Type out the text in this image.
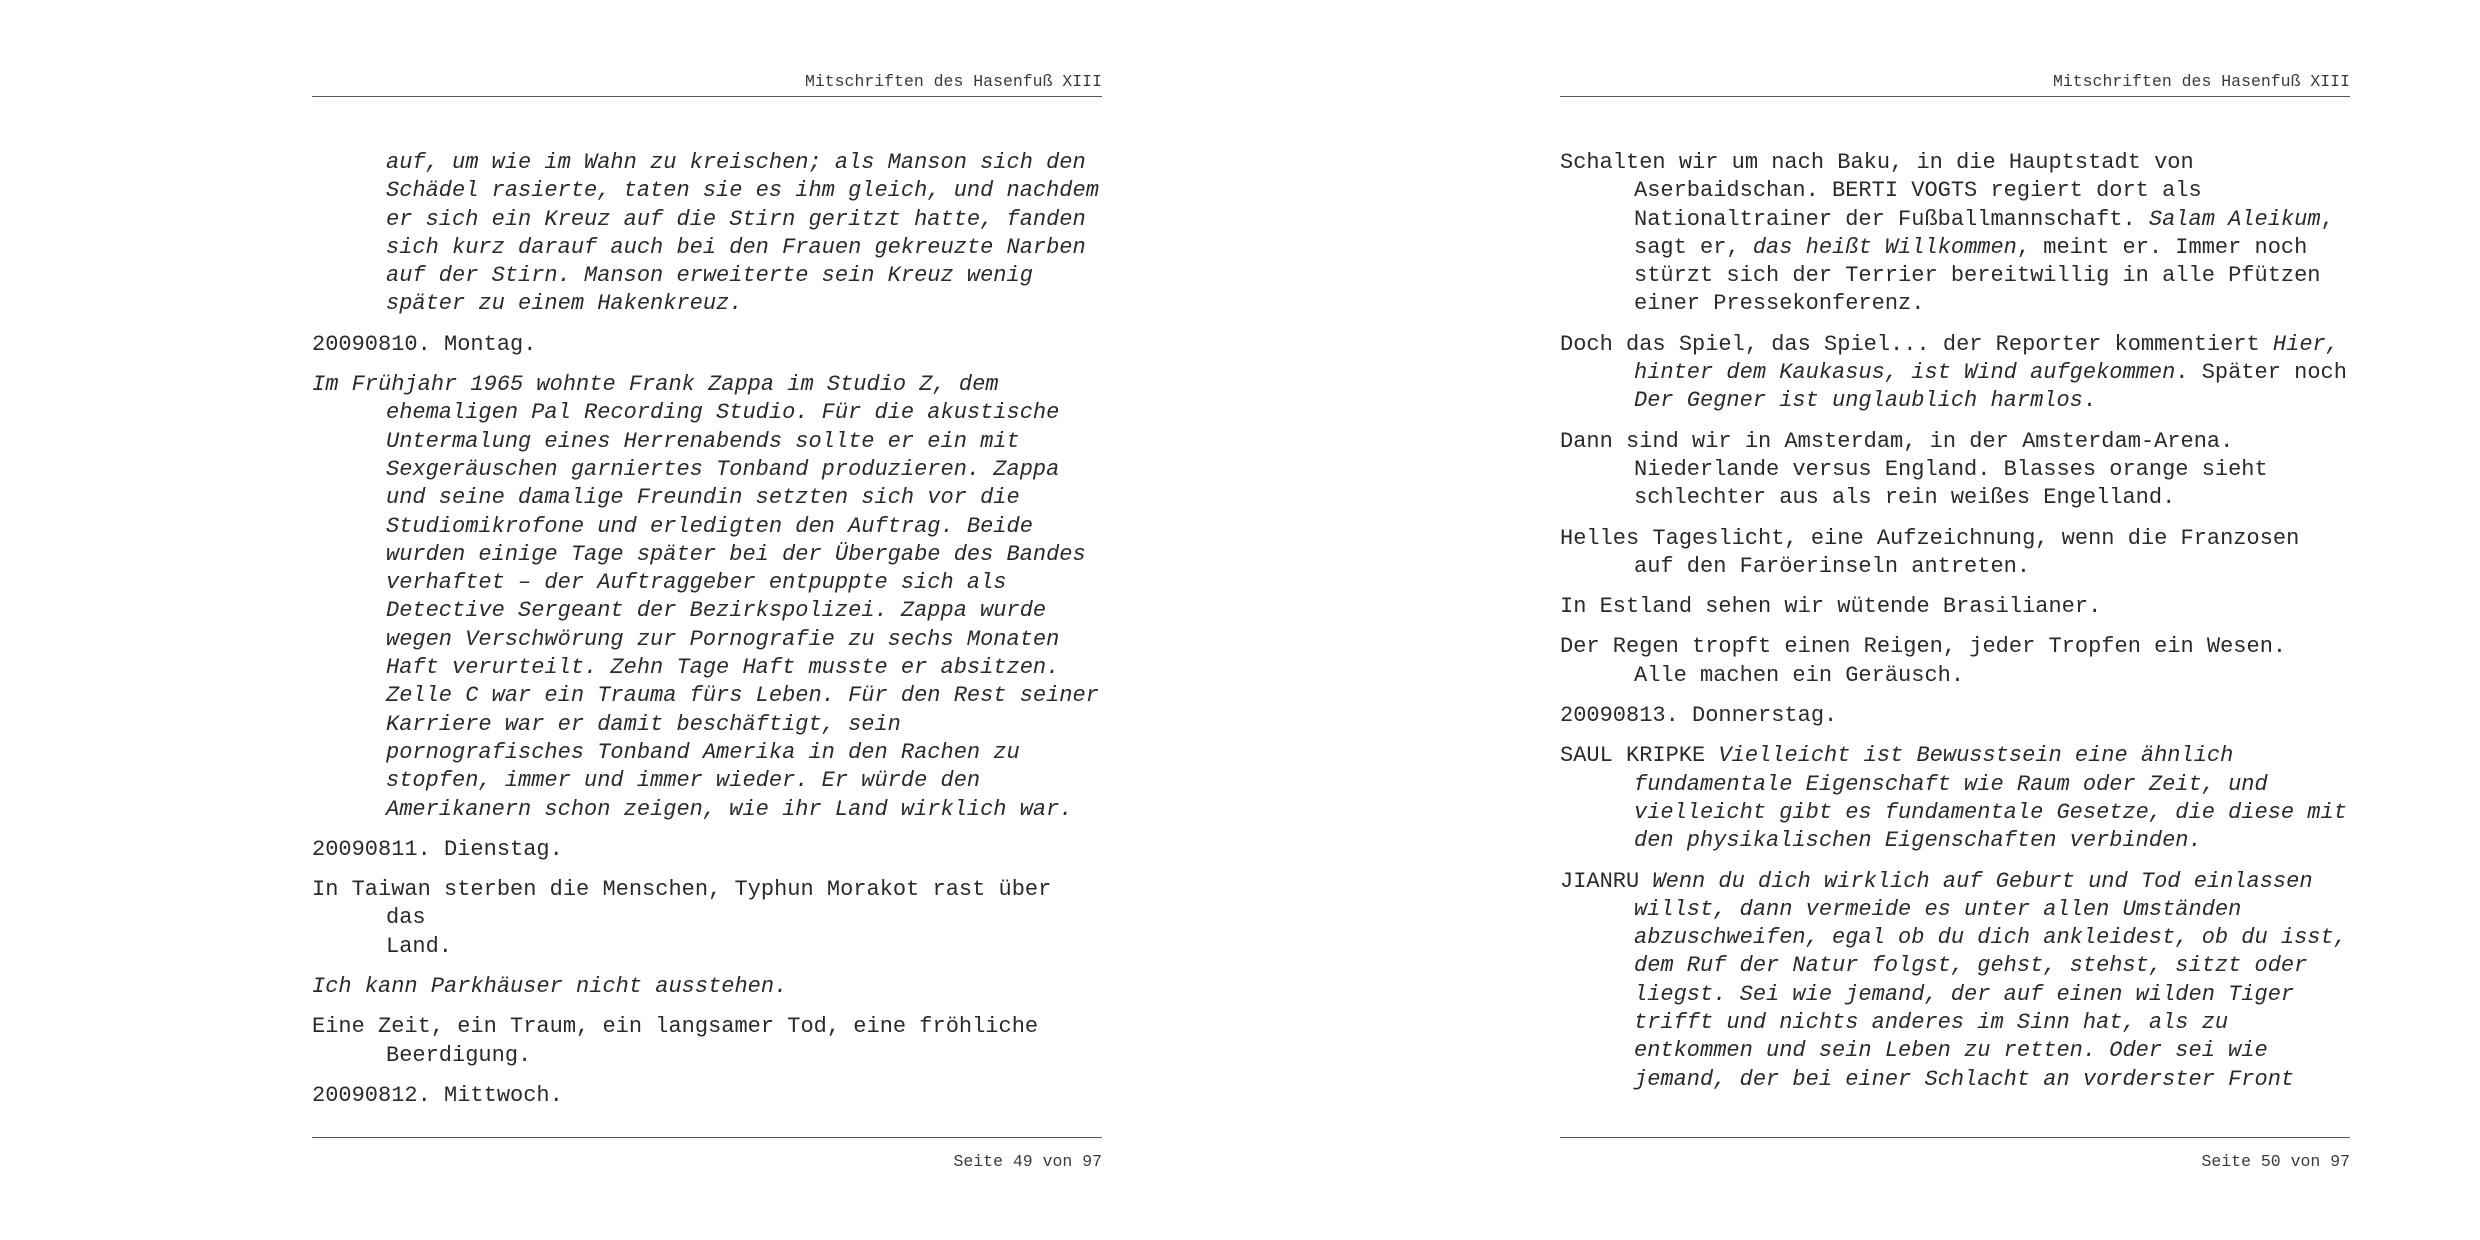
Mitschriften des Hasenfuß XIII

auf, um wie im Wahn zu kreischen; als Manson sich den
Schädel rasierte, taten sie es ihm gleich, und nachdem
er sich ein Kreuz auf die Stirn geritzt hatte, fanden
sich kurz darauf auch bei den Frauen gekreuzte Narben
auf der Stirn. Manson erweiterte sein Kreuz wenig
später zu einem Hakenkreuz.

20090810. Montag.

Im Frühjahr 1965 wohnte Frank Zappa im Studio Z, dem
ehemaligen Pal Recording Studio. Für die akustische
Untermalung eines Herrenabends sollte er ein mit
Sexgeräuschen garniertes Tonband produzieren. Zappa
und seine damalige Freundin setzten sich vor die
Studiomikrofone und erledigten den Auftrag. Beide
wurden einige Tage später bei der Übergabe des Bandes
verhaftet – der Auftraggeber entpuppte sich als
Detective Sergeant der Bezirkspolizei. Zappa wurde
wegen Verschwörung zur Pornografie zu sechs Monaten
Haft verurteilt. Zehn Tage Haft musste er absitzen.
Zelle C war ein Trauma fürs Leben. Für den Rest seiner
Karriere war er damit beschäftigt, sein
pornografisches Tonband Amerika in den Rachen zu
stopfen, immer und immer wieder. Er würde den
Amerikanern schon zeigen, wie ihr Land wirklich war.

20090811. Dienstag.

In Taiwan sterben die Menschen, Typhun Morakot rast über das
Land.

Ich kann Parkhäuser nicht ausstehen.

Eine Zeit, ein Traum, ein langsamer Tod, eine fröhliche
Beerdigung.

20090812. Mittwoch.

Seite 49 von 97
Mitschriften des Hasenfuß XIII

Schalten wir um nach Baku, in die Hauptstadt von Aserbaidschan. BERTI VOGTS regiert dort als Nationaltrainer der Fußballmannschaft. Salam Aleikum, sagt er, das heißt Willkommen, meint er. Immer noch stürzt sich der Terrier bereitwillig in alle Pfützen einer Pressekonferenz.

Doch das Spiel, das Spiel... der Reporter kommentiert Hier, hinter dem Kaukasus, ist Wind aufgekommen. Später noch Der Gegner ist unglaublich harmlos.

Dann sind wir in Amsterdam, in der Amsterdam-Arena. Niederlande versus England. Blasses orange sieht schlechter aus als rein weißes Engelland.

Helles Tageslicht, eine Aufzeichnung, wenn die Franzosen auf den Faröerinseln antreten.

In Estland sehen wir wütende Brasilianer.

Der Regen tropft einen Reigen, jeder Tropfen ein Wesen. Alle machen ein Geräusch.

20090813. Donnerstag.

SAUL KRIPKE Vielleicht ist Bewusstsein eine ähnlich fundamentale Eigenschaft wie Raum oder Zeit, und vielleicht gibt es fundamentale Gesetze, die diese mit den physikalischen Eigenschaften verbinden.

JIANRU Wenn du dich wirklich auf Geburt und Tod einlassen willst, dann vermeide es unter allen Umständen abzuschweifen, egal ob du dich ankleidest, ob du isst, dem Ruf der Natur folgst, gehst, stehst, sitzt oder liegst. Sei wie jemand, der auf einen wilden Tiger trifft und nichts anderes im Sinn hat, als zu entkommen und sein Leben zu retten. Oder sei wie jemand, der bei einer Schlacht an vorderster Front

Seite 50 von 97
